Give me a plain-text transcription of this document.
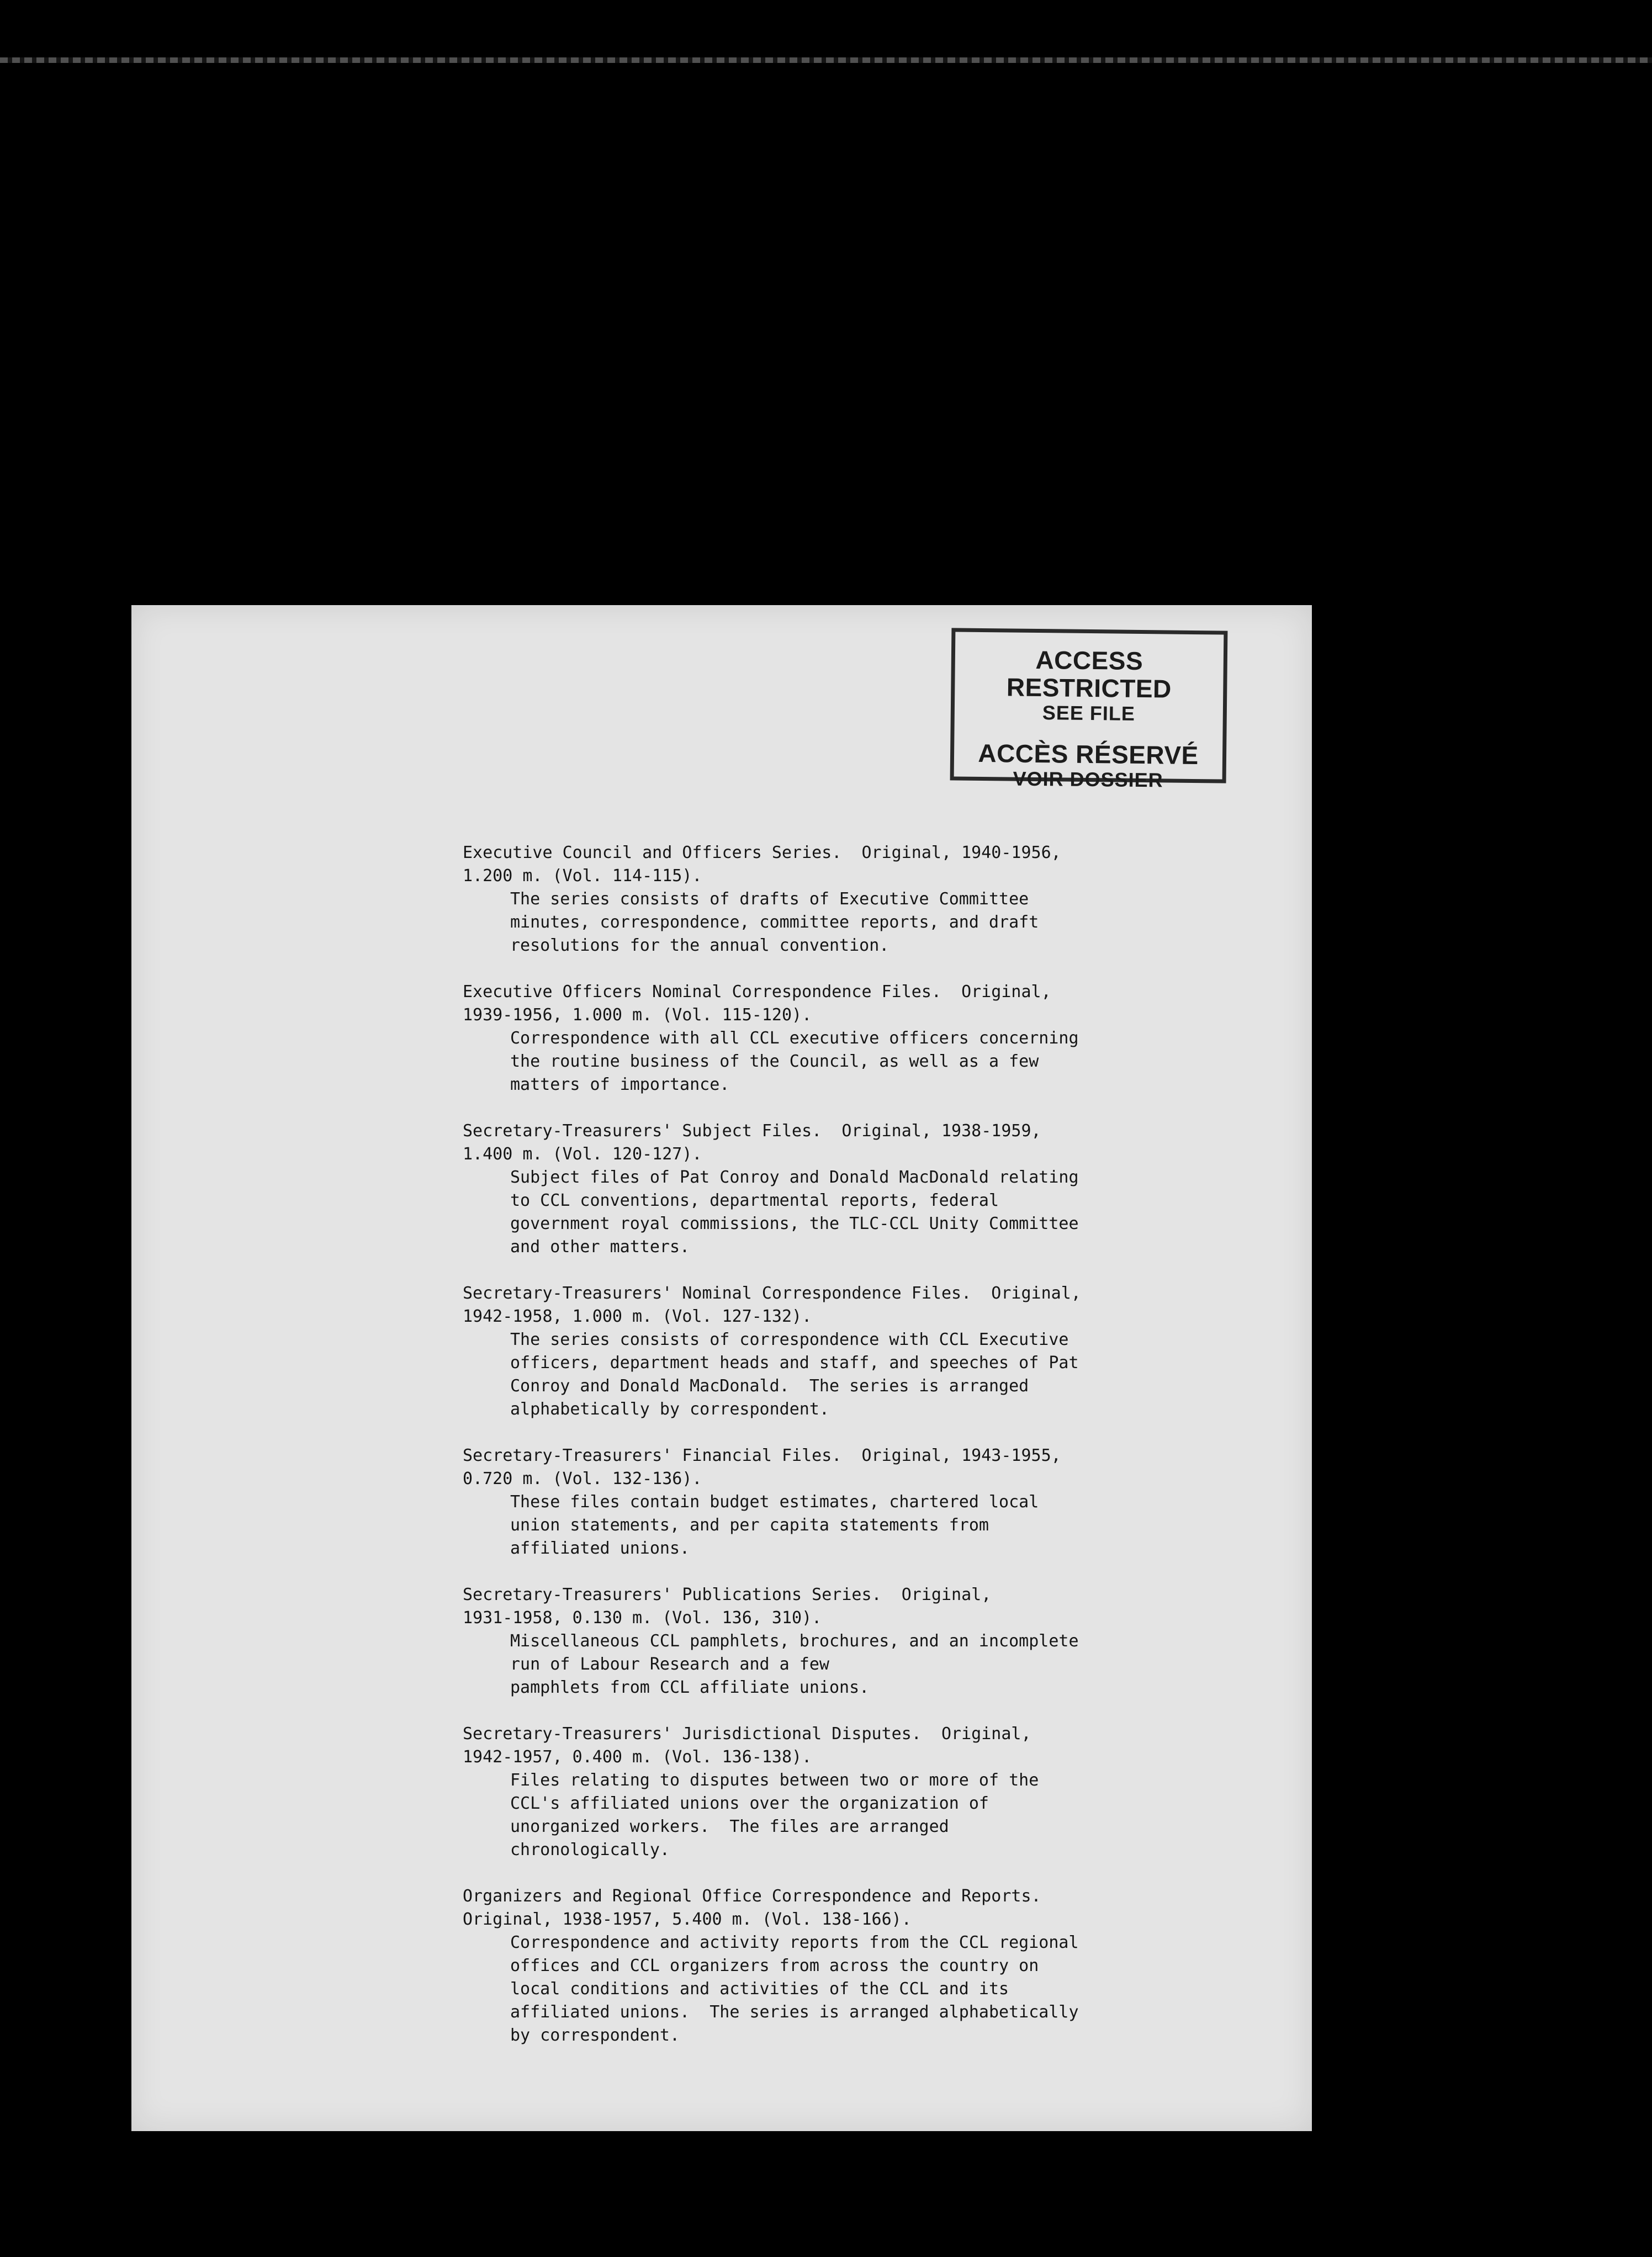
ACCESS RESTRICTED
SEE FILE
ACCÈS RÉSERVÉ
VOIR DOSSIER
Executive Council and Officers Series.  Original, 1940-1956,
1.200 m. (Vol. 114-115).
The series consists of drafts of Executive Committee
minutes, correspondence, committee reports, and draft
resolutions for the annual convention.
Executive Officers Nominal Correspondence Files.  Original,
1939-1956, 1.000 m. (Vol. 115-120).
Correspondence with all CCL executive officers concerning
the routine business of the Council, as well as a few
matters of importance.
Secretary-Treasurers' Subject Files.  Original, 1938-1959,
1.400 m. (Vol. 120-127).
Subject files of Pat Conroy and Donald MacDonald relating
to CCL conventions, departmental reports, federal
government royal commissions, the TLC-CCL Unity Committee
and other matters.
Secretary-Treasurers' Nominal Correspondence Files.  Original,
1942-1958, 1.000 m. (Vol. 127-132).
The series consists of correspondence with CCL Executive
officers, department heads and staff, and speeches of Pat
Conroy and Donald MacDonald.  The series is arranged
alphabetically by correspondent.
Secretary-Treasurers' Financial Files.  Original, 1943-1955,
0.720 m. (Vol. 132-136).
These files contain budget estimates, chartered local
union statements, and per capita statements from
affiliated unions.
Secretary-Treasurers' Publications Series.  Original,
1931-1958, 0.130 m. (Vol. 136, 310).
Miscellaneous CCL pamphlets, brochures, and an incomplete
run of Labour Research and a few
pamphlets from CCL affiliate unions.
Secretary-Treasurers' Jurisdictional Disputes.  Original,
1942-1957, 0.400 m. (Vol. 136-138).
Files relating to disputes between two or more of the
CCL's affiliated unions over the organization of
unorganized workers.  The files are arranged
chronologically.
Organizers and Regional Office Correspondence and Reports.
Original, 1938-1957, 5.400 m. (Vol. 138-166).
Correspondence and activity reports from the CCL regional
offices and CCL organizers from across the country on
local conditions and activities of the CCL and its
affiliated unions.  The series is arranged alphabetically
by correspondent.
